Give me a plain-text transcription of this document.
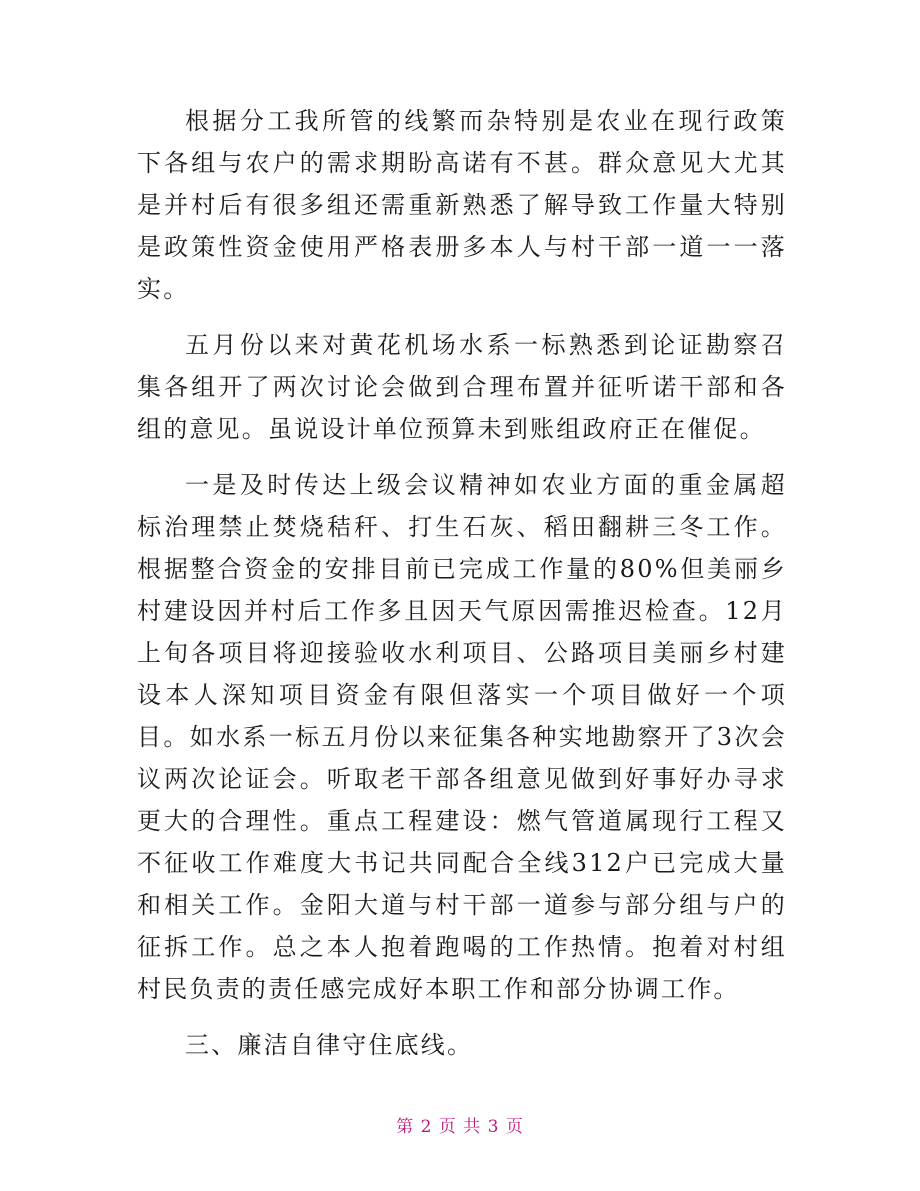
根据分工我所管的线繁而杂特别是农业在现行政策下各组与农户的需求期盼高诺有不甚。群众意见大尤其是并村后有很多组还需重新熟悉了解导致工作量大特别是政策性资金使用严格表册多本人与村干部一道一一落实。

五月份以来对黄花机场水系一标熟悉到论证勘察召集各组开了两次讨论会做到合理布置并征听诺干部和各组的意见。虽说设计单位预算未到账组政府正在催促。

一是及时传达上级会议精神如农业方面的重金属超标治理禁止焚烧秸秆、打生石灰、稻田翻耕三冬工作。根据整合资金的安排目前已完成工作量的80%但美丽乡村建设因并村后工作多且因天气原因需推迟检查。12月上旬各项目将迎接验收水利项目、公路项目美丽乡村建设本人深知项目资金有限但落实一个项目做好一个项目。如水系一标五月份以来征集各种实地勘察开了3次会议两次论证会。听取老干部各组意见做到好事好办寻求更大的合理性。重点工程建设：燃气管道属现行工程又不征收工作难度大书记共同配合全线312户已完成大量和相关工作。金阳大道与村干部一道参与部分组与户的征拆工作。总之本人抱着跑喝的工作热情。抱着对村组村民负责的责任感完成好本职工作和部分协调工作。

三、廉洁自律守住底线。

第 2 页 共 3 页
